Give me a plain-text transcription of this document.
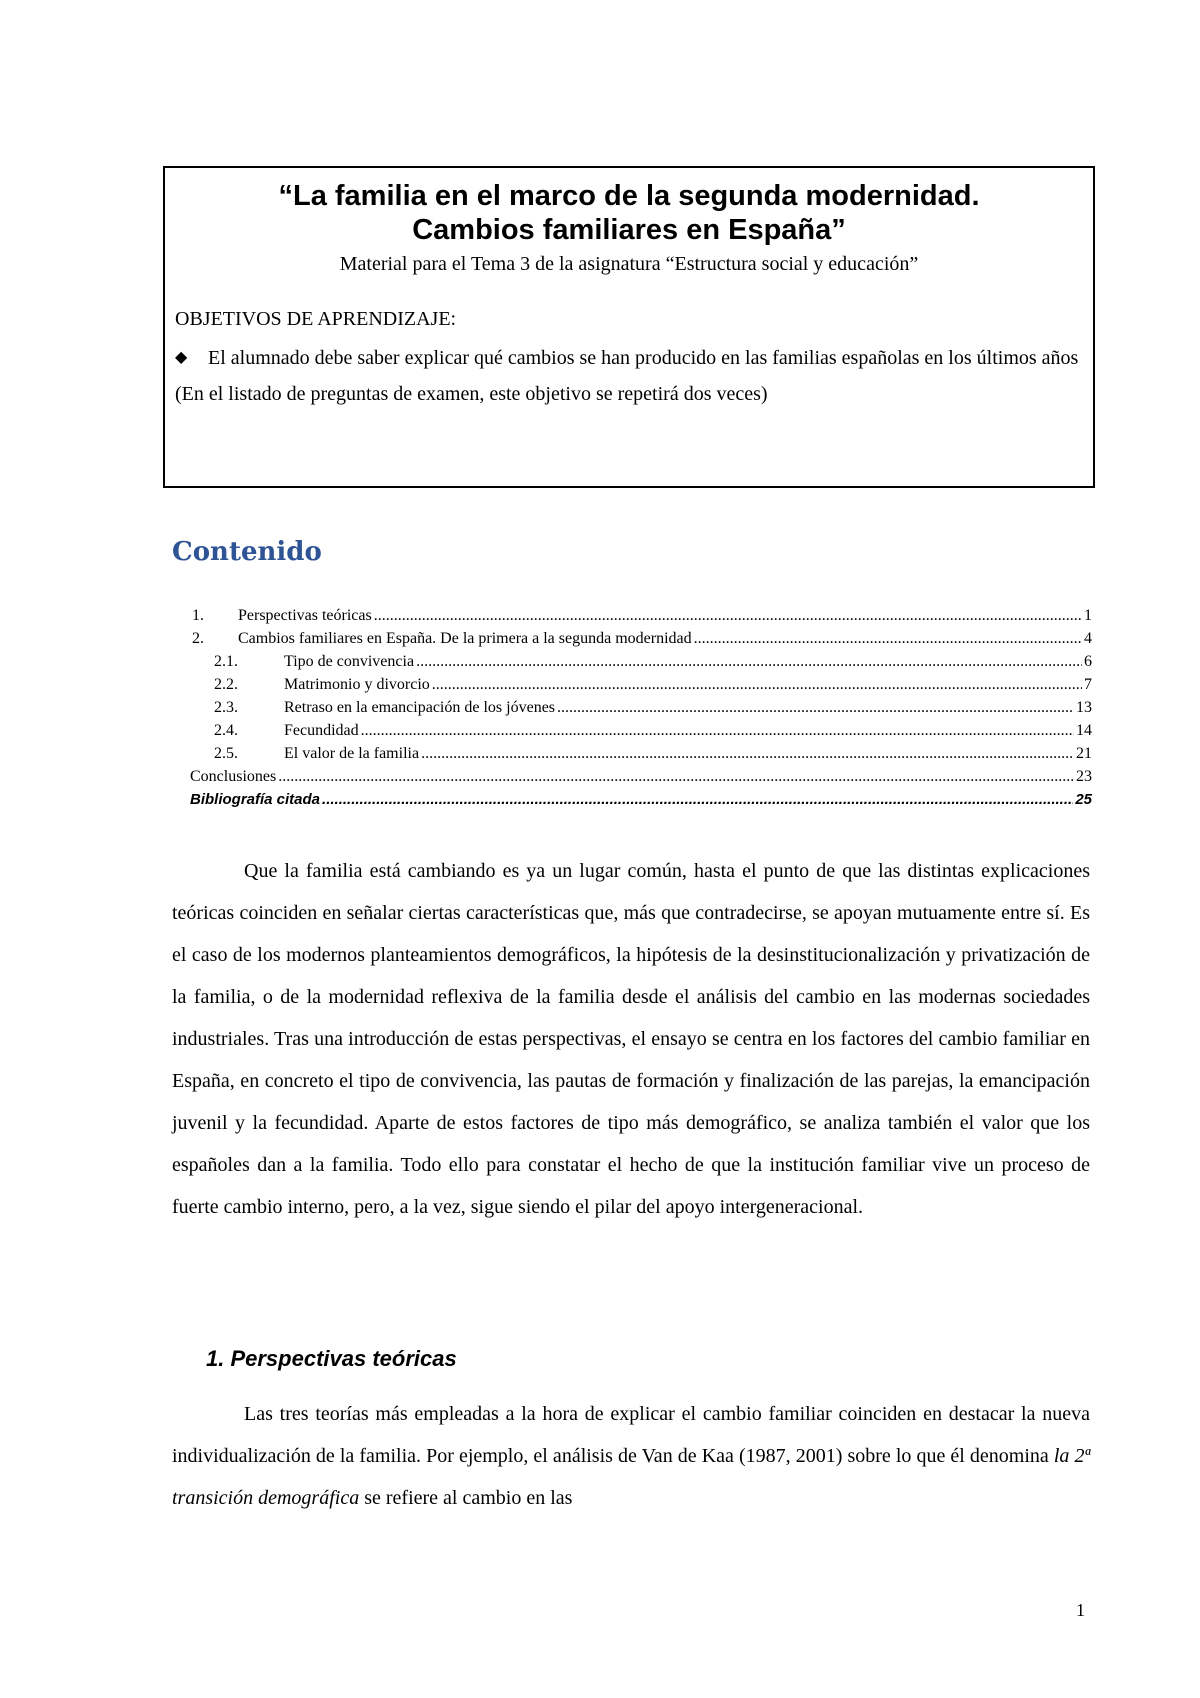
“La familia en el marco de la segunda modernidad.
Cambios familiares en España”
Material para el Tema 3 de la asignatura “Estructura social y educación”
OBJETIVOS DE APRENDIZAJE:
◆	El alumnado debe saber explicar qué cambios se han producido en las familias españolas en los últimos años
(En el listado de preguntas de examen, este objetivo se repetirá dos veces)
Contenido
1.	Perspectivas teóricas .....	1
2.	Cambios familiares en España. De la primera a la segunda modernidad .....	4
2.1.	Tipo de convivencia .....	6
2.2.	Matrimonio y divorcio .....	7
2.3.	Retraso en la emancipación de los jóvenes .....	13
2.4.	Fecundidad .....	14
2.5.	El valor de la familia .....	21
Conclusiones .....	23
Bibliografía citada .....	25

Que la familia está cambiando es ya un lugar común, hasta el punto de que las distintas explicaciones teóricas coinciden en señalar ciertas características que, más que contradecirse, se apoyan mutuamente entre sí. Es el caso de los modernos planteamientos demográficos, la hipótesis de la desinstitucionalización y privatización de la familia, o de la modernidad reflexiva de la familia desde el análisis del cambio en las modernas sociedades industriales. Tras una introducción de estas perspectivas, el ensayo se centra en los factores del cambio familiar en España, en concreto el tipo de convivencia, las pautas de formación y finalización de las parejas, la emancipación juvenil y la fecundidad. Aparte de estos factores de tipo más demográfico, se analiza también el valor que los españoles dan a la familia. Todo ello para constatar el hecho de que la institución familiar vive un proceso de fuerte cambio interno, pero, a la vez, sigue siendo el pilar del apoyo intergeneracional.

1. Perspectivas teóricas

Las tres teorías más empleadas a la hora de explicar el cambio familiar coinciden en destacar la nueva individualización de la familia. Por ejemplo, el análisis de Van de Kaa (1987, 2001) sobre lo que él denomina la 2ª transición demográfica se refiere al cambio en las

1
